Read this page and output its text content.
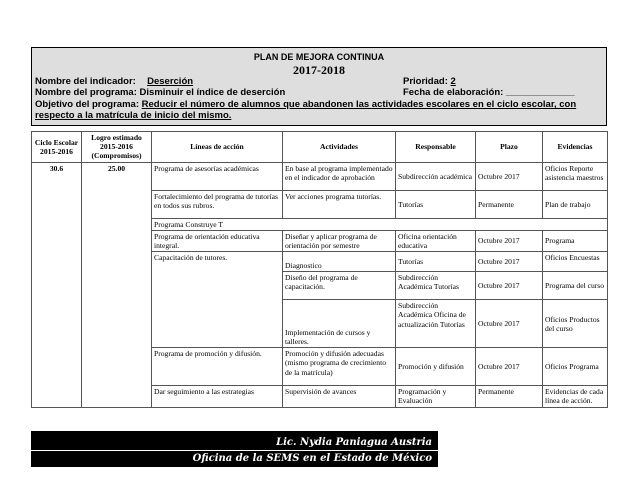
PLAN DE MEJORA CONTINUA
2017-2018
Nombre del indicador: Deserción	Prioridad: 2
Nombre del programa: Disminuir el índice de deserción	Fecha de elaboración: _____________
Objetivo del programa: Reducir el número de alumnos que abandonen las actividades escolares en el ciclo escolar, con respecto a la matrícula de inicio del mismo.
Ciclo Escolar 2015-2016	Logro estimado 2015-2016 (Compromisos)	Líneas de acción	Actividades	Responsable	Plazo	Evidencias
30.6	25.00	Programa de asesorías académicas	En base al programa implementado en el indicador de aprobación	Subdirección académica	Octubre 2017	Oficios Reporte asistencia maestros
		Fortalecimiento del programa de tutorías en todos sus rubros.	Ver acciones programa tutorías.	Tutorías	Permanente	Plan de trabajo
		Programa Construye T				
		Programa de orientación educativa integral.	Diseñar y aplicar programa de orientación por semestre	Oficina orientación educativa	Octubre 2017	Programa
		Capacitación de tutores.	Diagnostico	Tutorías	Octubre 2017	Oficios Encuestas
			Diseño del programa de capacitación.	Subdirección Académica Tutorías	Octubre 2017	Programa del curso
			Implementación de cursos y talleres.	Subdirección Académica Oficina de actualización Tutorías	Octubre 2017	Oficios Productos del curso
		Programa de promoción y difusión.	Promoción y difusión adecuadas (mismo programa de crecimiento de la matrícula)	Promoción y difusión	Octubre 2017	Oficios Programa
		Dar seguimiento a las estrategias	Supervisión de avances	Programación y Evaluación	Permanente	Evidencias de cada línea de acción.
Lic. Nydia Paniagua Austria
Oficina de la SEMS en el Estado de México
